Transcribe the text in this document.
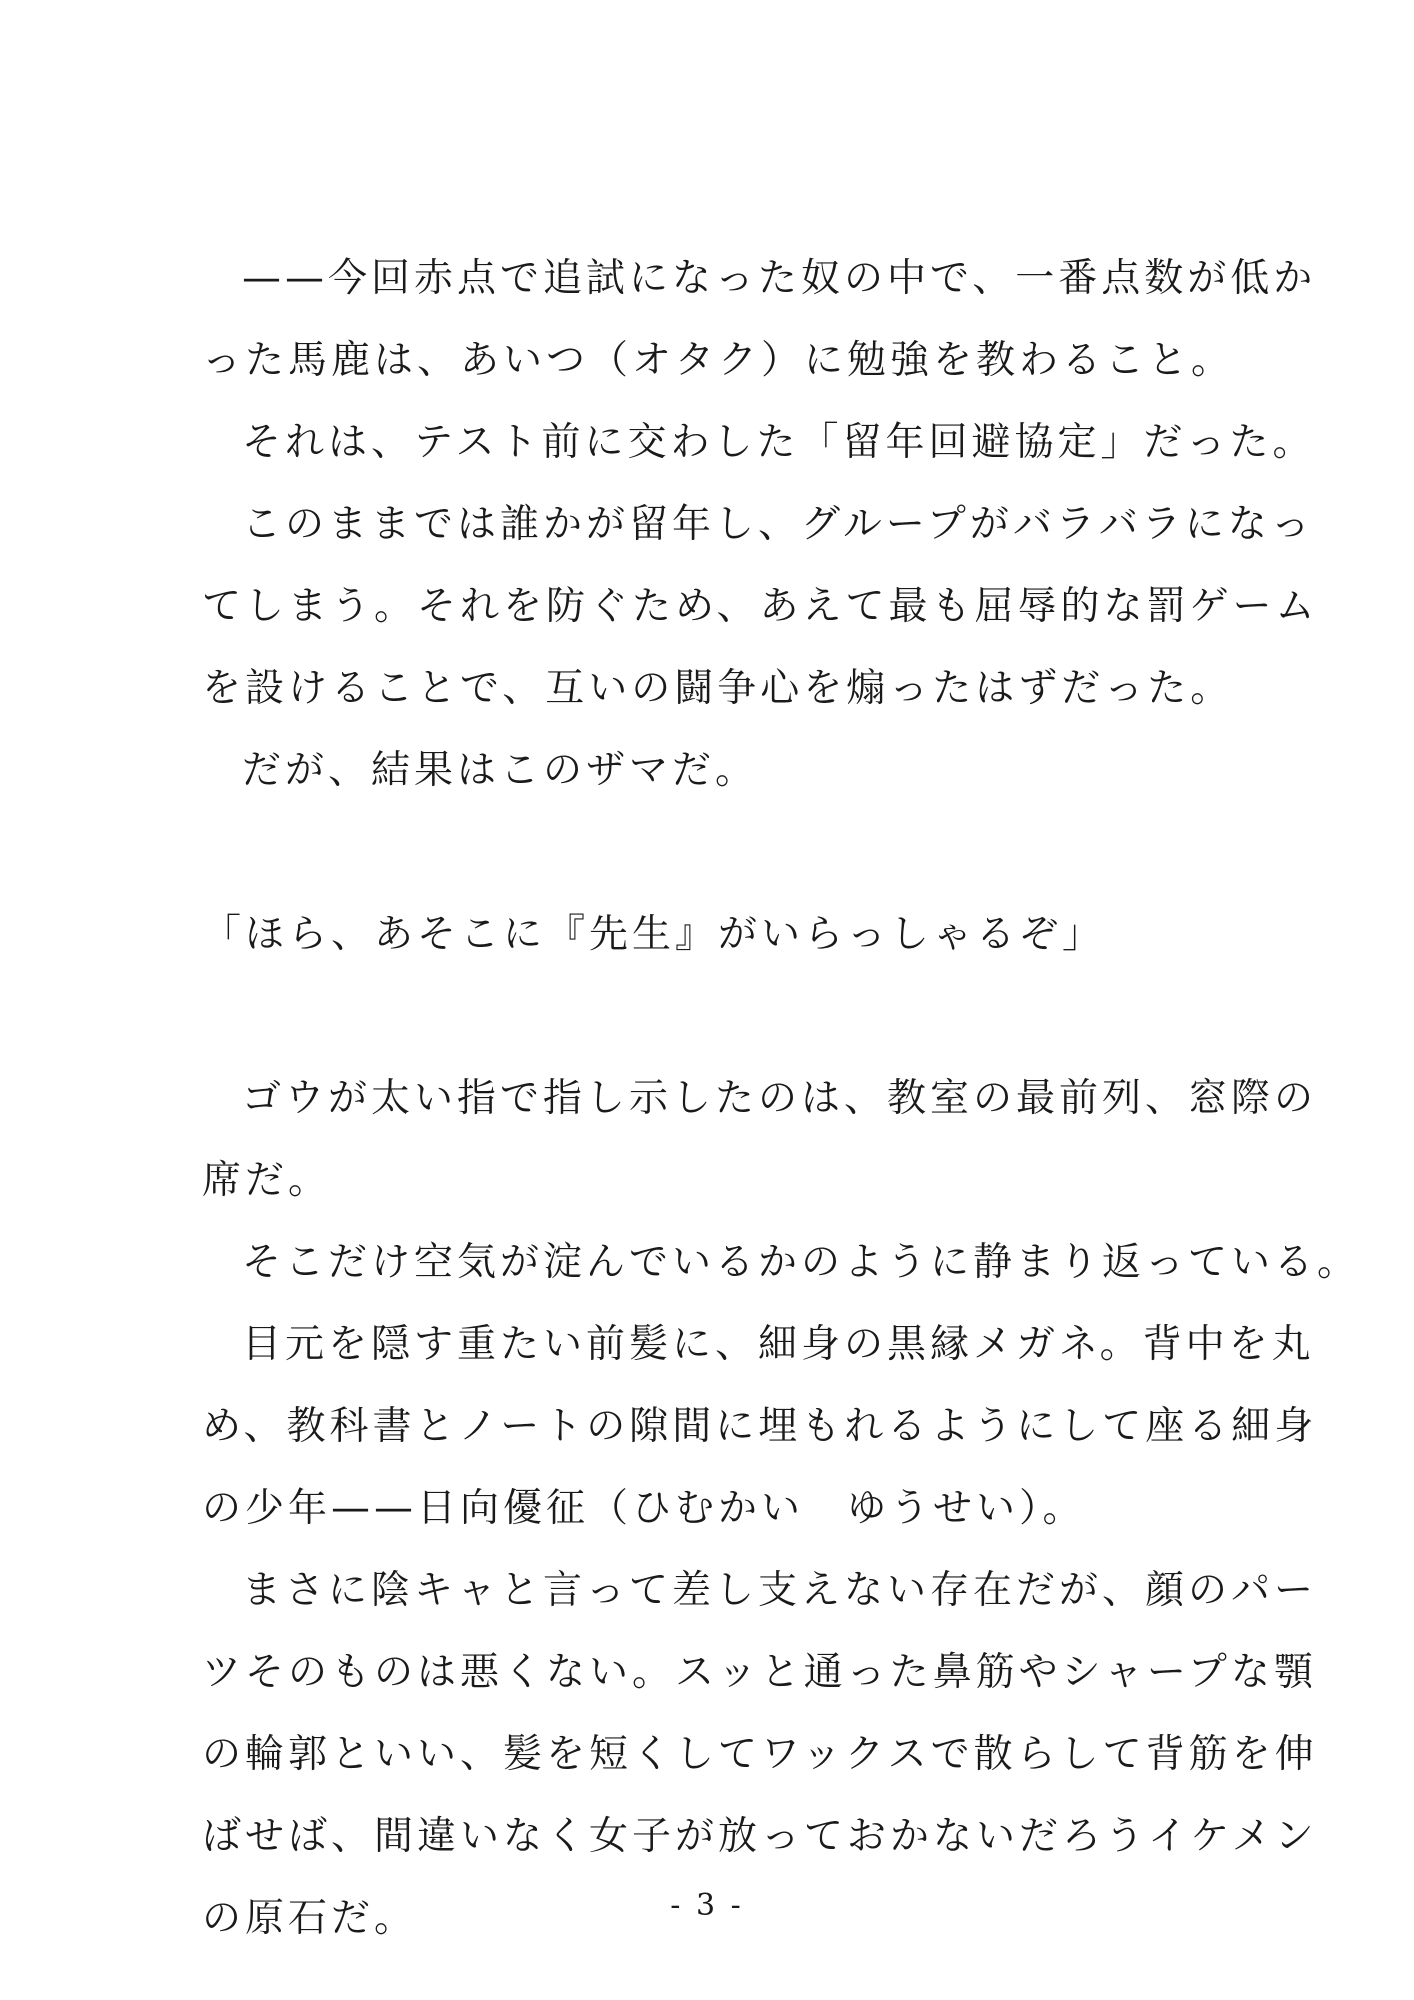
——今回赤点で追試になった奴の中で、一番点数が低か
った馬鹿は、あいつ（オタク）に勉強を教わること。
それは、テスト前に交わした「留年回避協定」だった。
このままでは誰かが留年し、グループがバラバラになっ
てしまう。それを防ぐため、あえて最も屈辱的な罰ゲーム
を設けることで、互いの闘争心を煽ったはずだった。
だが、結果はこのザマだ。
「ほら、あそこに『先生』がいらっしゃるぞ」
ゴウが太い指で指し示したのは、教室の最前列、窓際の
席だ。
そこだけ空気が淀んでいるかのように静まり返っている。
目元を隠す重たい前髪に、細身の黒縁メガネ。背中を丸
め、教科書とノートの隙間に埋もれるようにして座る細身
の少年——日向優征（ひむかい　ゆうせい）。
まさに陰キャと言って差し支えない存在だが、顔のパー
ツそのものは悪くない。スッと通った鼻筋やシャープな顎
の輪郭といい、髪を短くしてワックスで散らして背筋を伸
ばせば、間違いなく女子が放っておかないだろうイケメン
の原石だ。	- 3 -
